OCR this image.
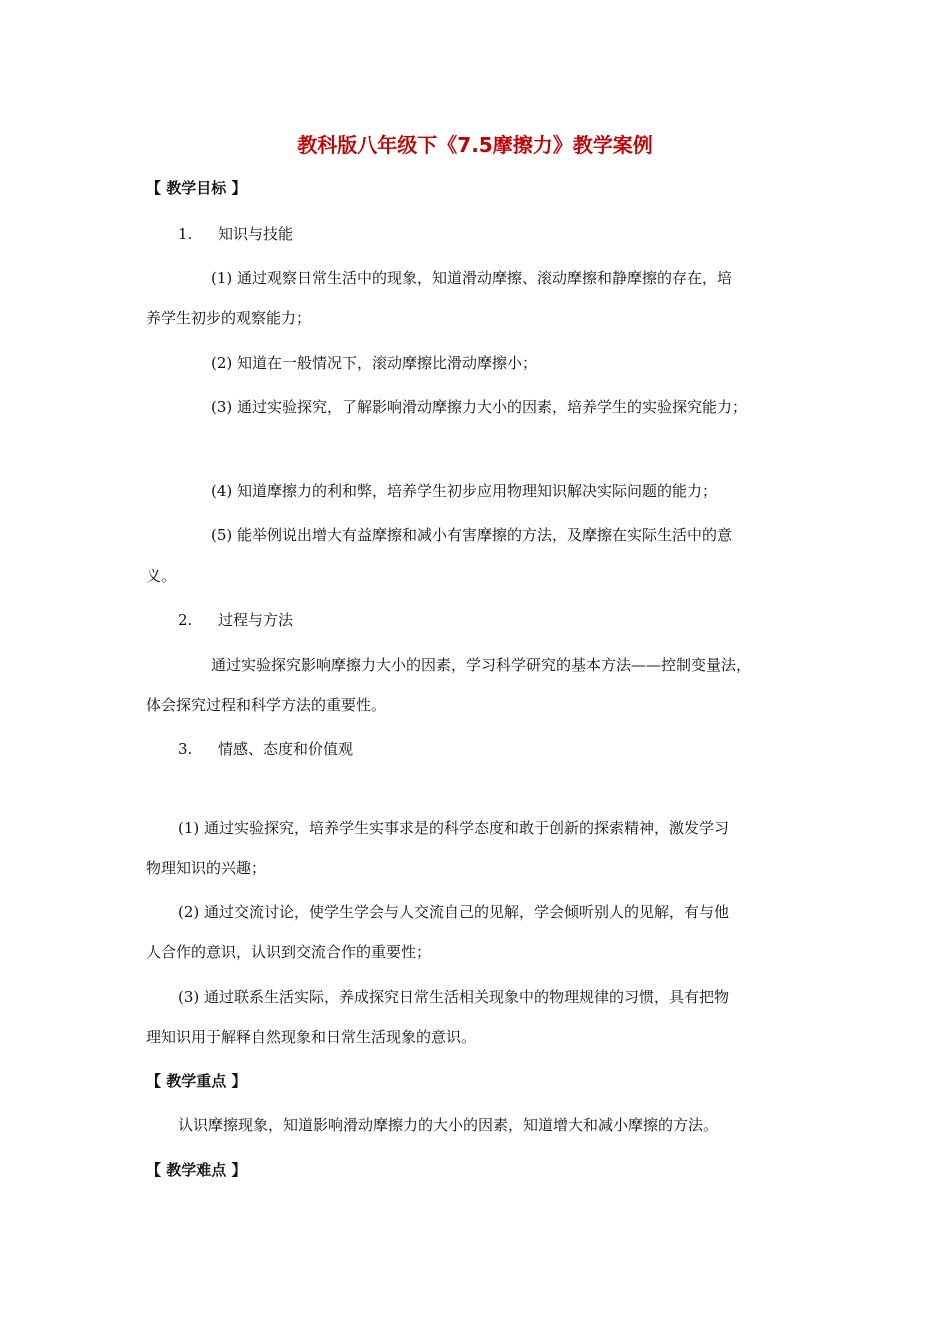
教科版八年级下《7.5摩擦力》教学案例
【 教学目标 】
1. 知识与技能
(1) 通过观察日常生活中的现象，知道滑动摩擦、滚动摩擦和静摩擦的存在，培
养学生初步的观察能力；
(2) 知道在一般情况下，滚动摩擦比滑动摩擦小；
(3) 通过实验探究，了解影响滑动摩擦力大小的因素，培养学生的实验探究能力；
(4) 知道摩擦力的利和弊，培养学生初步应用物理知识解决实际问题的能力；
(5) 能举例说出增大有益摩擦和减小有害摩擦的方法，及摩擦在实际生活中的意
义。
2. 过程与方法
通过实验探究影响摩擦力大小的因素，学习科学研究的基本方法——控制变量法，
体会探究过程和科学方法的重要性。
3. 情感、态度和价值观
(1) 通过实验探究，培养学生实事求是的科学态度和敢于创新的探索精神，激发学习
物理知识的兴趣；
(2) 通过交流讨论，使学生学会与人交流自己的见解，学会倾听别人的见解，有与他
人合作的意识，认识到交流合作的重要性；
(3) 通过联系生活实际，养成探究日常生活相关现象中的物理规律的习惯，具有把物
理知识用于解释自然现象和日常生活现象的意识。
【 教学重点 】
认识摩擦现象，知道影响滑动摩擦力的大小的因素，知道增大和减小摩擦的方法。
【 教学难点 】
